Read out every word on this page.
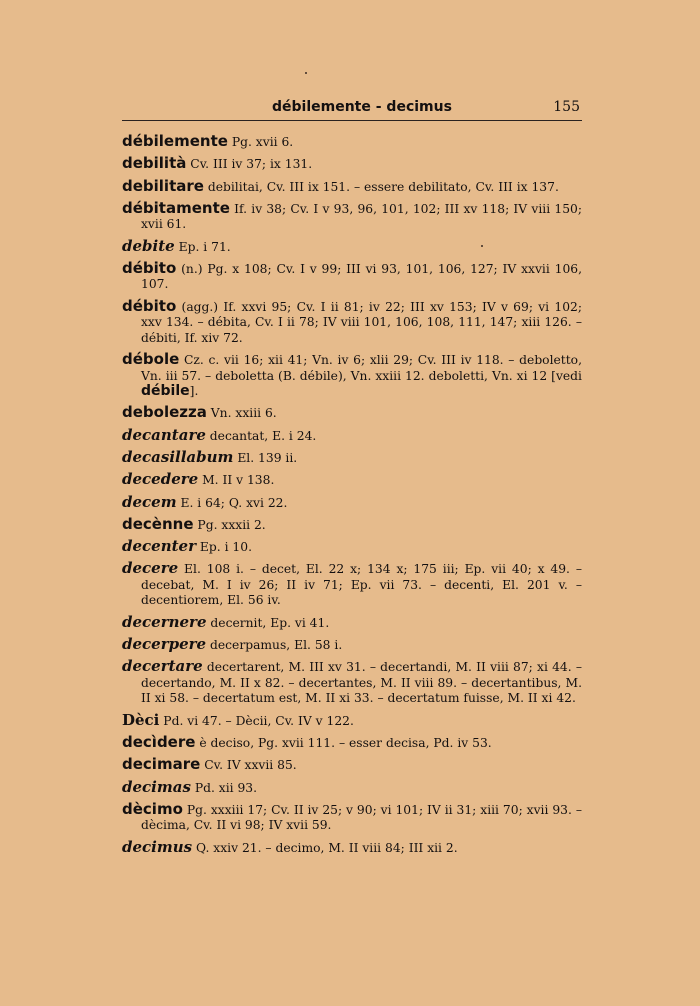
débilemente - decimus	155
débilemente Pg. xvii 6.
debilità Cv. III iv 37; ix 131.
debilitare debilitai, Cv. III ix 151. – essere debilitato, Cv. III ix 137.
débitamente If. iv 38; Cv. I v 93, 96, 101, 102; III xv 118; IV viii 150; xvii 61.
debite Ep. i 71.
débito (n.) Pg. x 108; Cv. I v 99; III vi 93, 101, 106, 127; IV xxvii 106, 107.
débito (agg.) If. xxvi 95; Cv. I ii 81; iv 22; III xv 153; IV v 69; vi 102; xxv 134. – débita, Cv. I ii 78; IV viii 101, 106, 108, 111, 147; xiii 126. – débiti, If. xiv 72.
débole Cz. c. vii 16; xii 41; Vn. iv 6; xlii 29; Cv. III iv 118. – deboletto, Vn. iii 57. – deboletta (B. débile), Vn. xxiii 12. deboletti, Vn. xi 12 [vedi débile].
debolezza Vn. xxiii 6.
decantare decantat, E. i 24.
decasillabum El. 139 ii.
decedere M. II v 138.
decem E. i 64; Q. xvi 22.
decènne Pg. xxxii 2.
decenter Ep. i 10.
decere El. 108 i. – decet, El. 22 x; 134 x; 175 iii; Ep. vii 40; x 49. – decebat, M. I iv 26; II iv 71; Ep. vii 73. – decenti, El. 201 v. – decentiorem, El. 56 iv.
decernere decernit, Ep. vi 41.
decerpere decerpamus, El. 58 i.
decertare decertarent, M. III xv 31. – decertandi, M. II viii 87; xi 44. – decertando, M. II x 82. – decertantes, M. II viii 89. – decertantibus, M. II xi 58. – decertatum est, M. II xi 33. – decertatum fuisse, M. II xi 42.
Dèci Pd. vi 47. – Dècii, Cv. IV v 122.
decìdere è deciso, Pg. xvii 111. – esser decisa, Pd. iv 53.
decimare Cv. IV xxvii 85.
decimas Pd. xii 93.
dècimo Pg. xxxiii 17; Cv. II iv 25; v 90; vi 101; IV ii 31; xiii 70; xvii 93. – dècima, Cv. II vi 98; IV xvii 59.
decimus Q. xxiv 21. – decimo, M. II viii 84; III xii 2.
